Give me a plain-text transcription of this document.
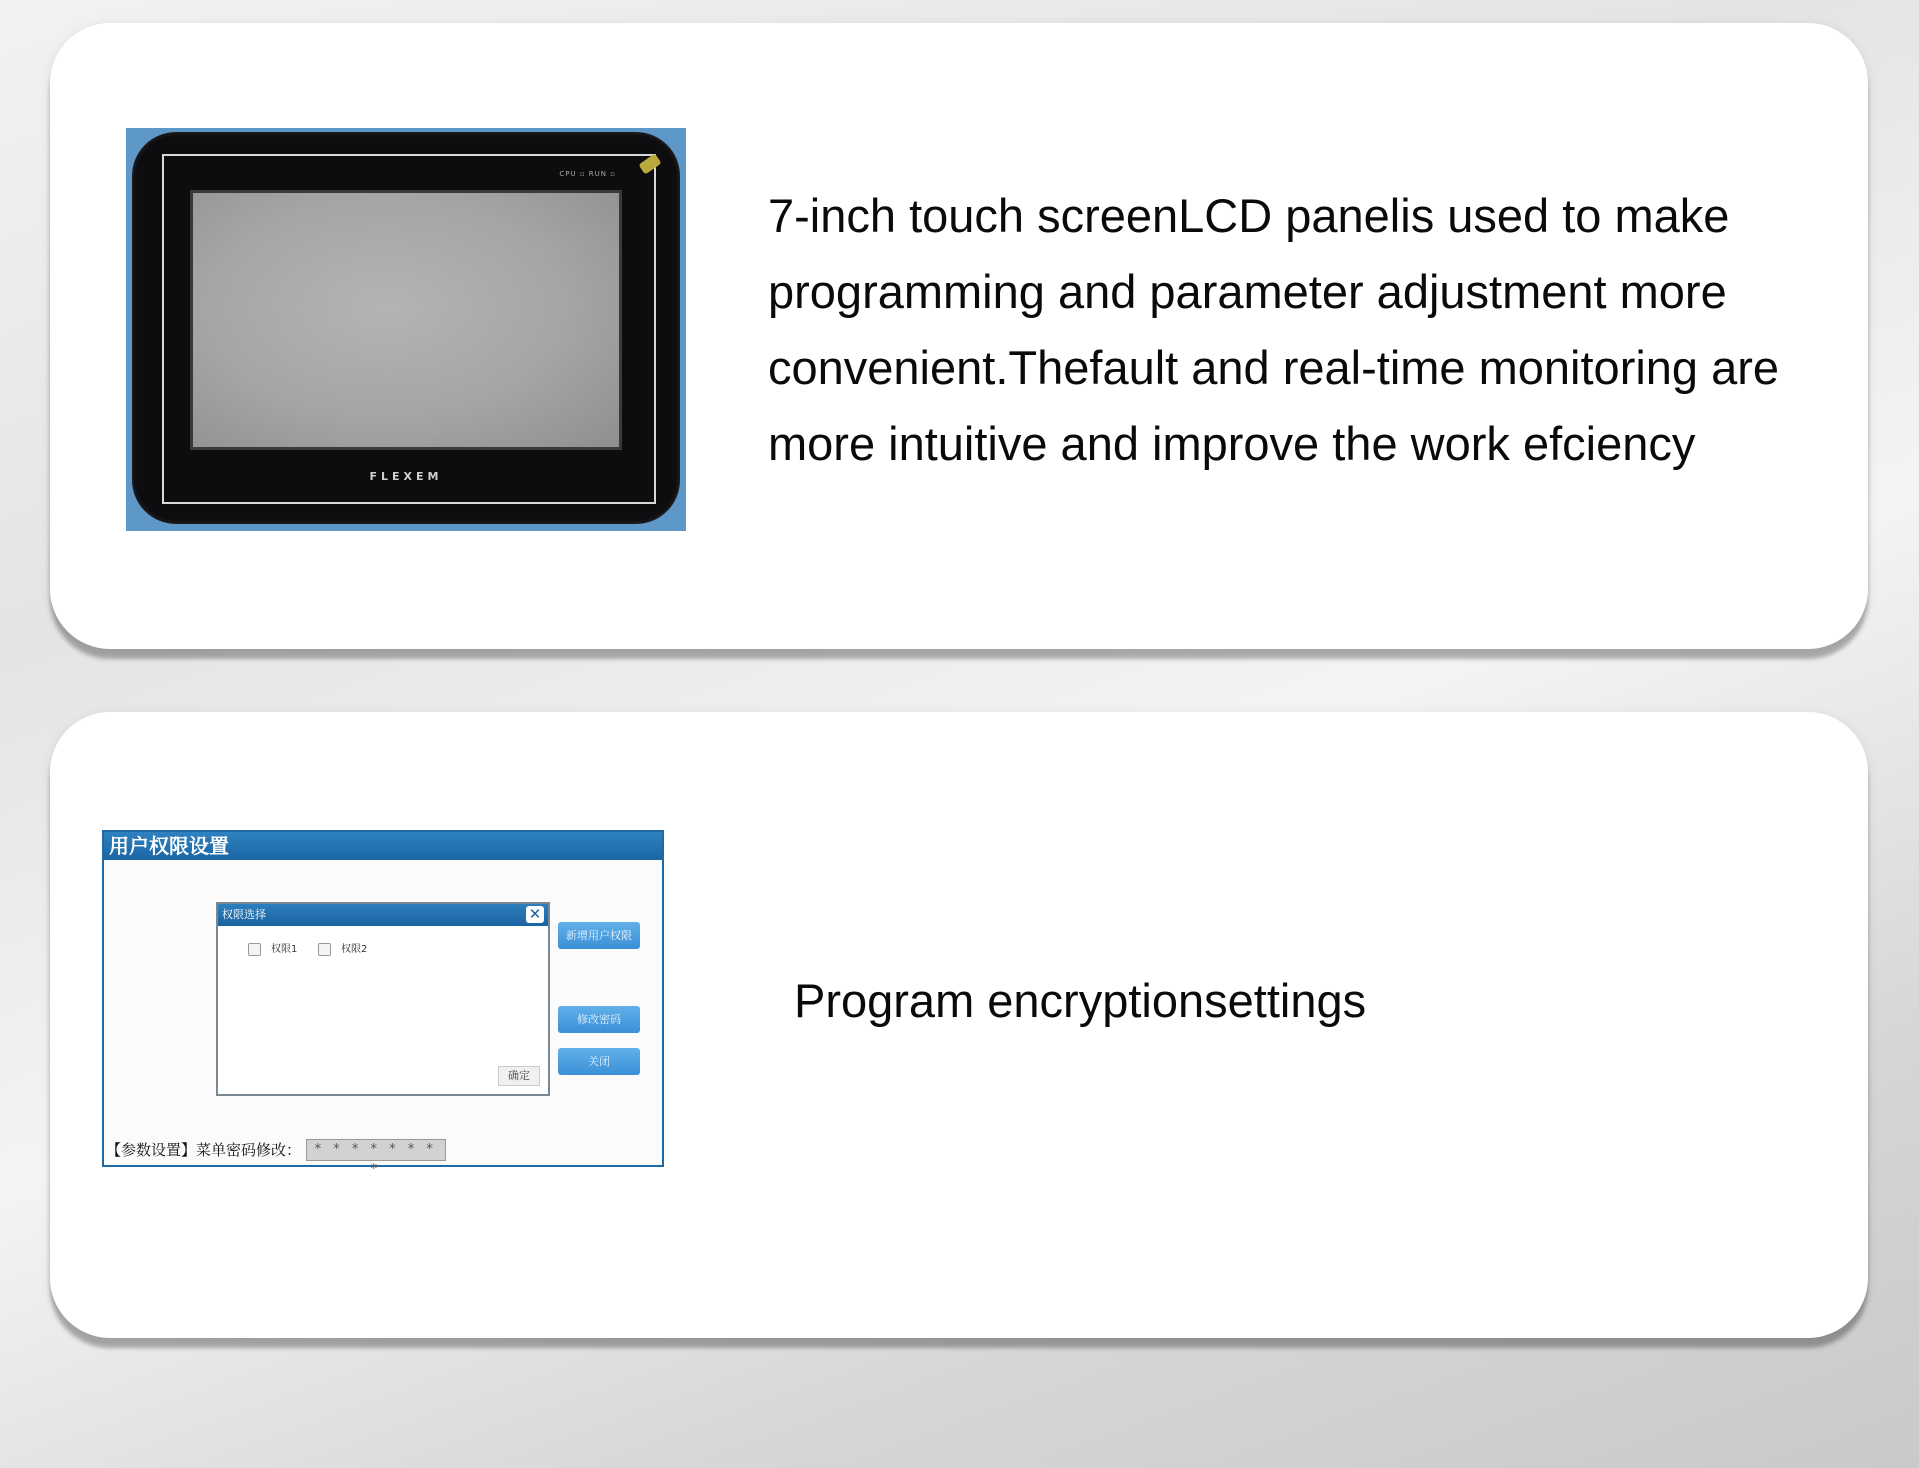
CPU ▫ RUN ▫
FLEXEM

7-inch touch screenLCD panelis used to make programming and parameter adjustment more convenient.Thefault and real-time monitoring are more intuitive and improve the work efciency

用户权限设置
权限选择	✕
权限1	权限2
确定
新增用户权限
修改密码
关闭
【参数设置】菜单密码修改： * * * * * * * *

Program encryptionsettings
